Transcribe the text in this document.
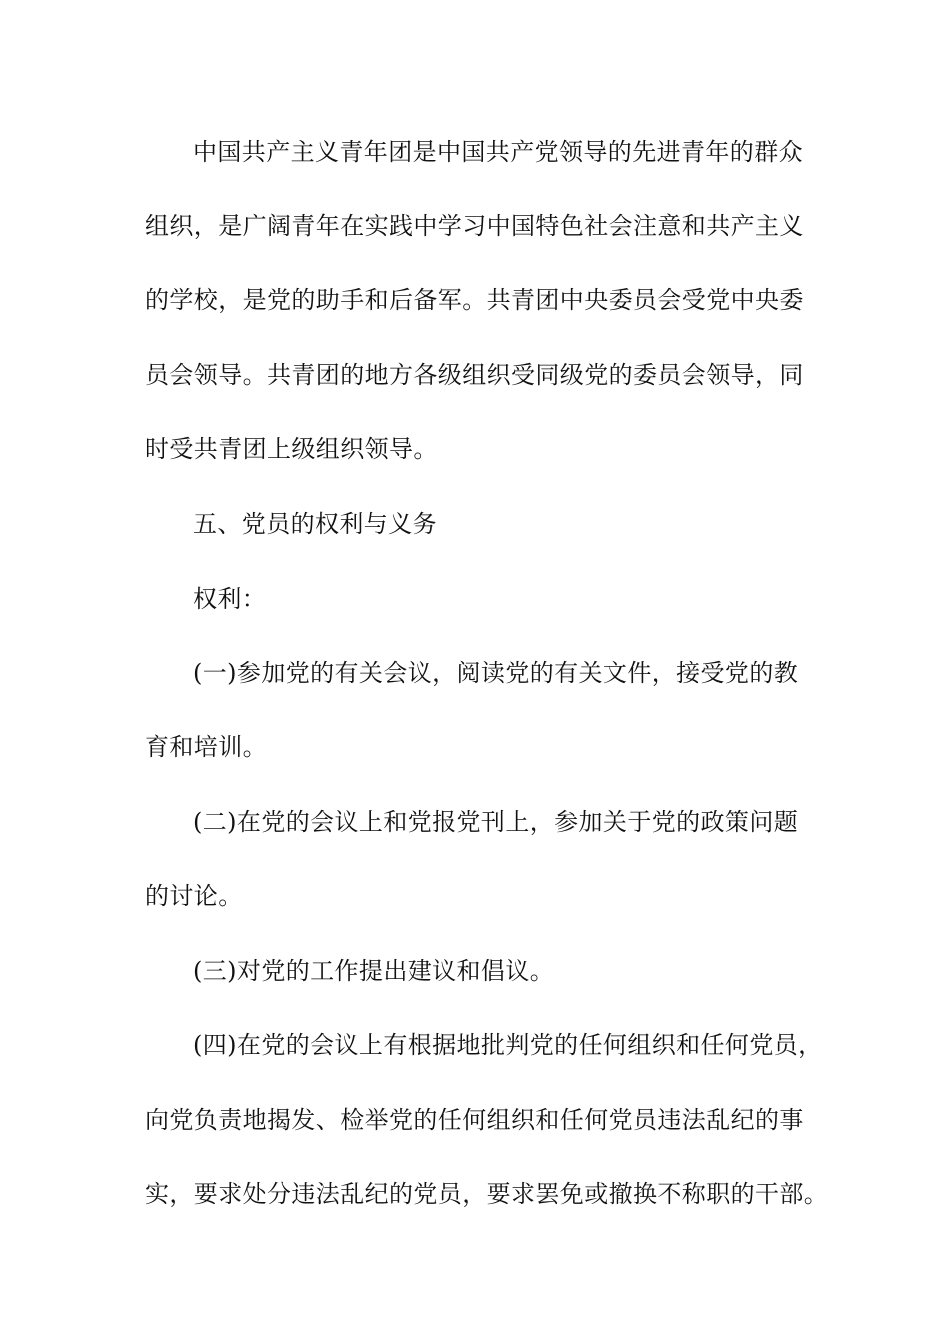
中国共产主义青年团是中国共产党领导的先进青年的群众
组织，是广阔青年在实践中学习中国特色社会注意和共产主义
的学校，是党的助手和后备军。共青团中央委员会受党中央委
员会领导。共青团的地方各级组织受同级党的委员会领导，同
时受共青团上级组织领导。
五、党员的权利与义务
权利：
(一)参加党的有关会议，阅读党的有关文件，接受党的教
育和培训。
(二)在党的会议上和党报党刊上，参加关于党的政策问题
的讨论。
(三)对党的工作提出建议和倡议。
(四)在党的会议上有根据地批判党的任何组织和任何党员，
向党负责地揭发、检举党的任何组织和任何党员违法乱纪的事
实，要求处分违法乱纪的党员，要求罢免或撤换不称职的干部。
